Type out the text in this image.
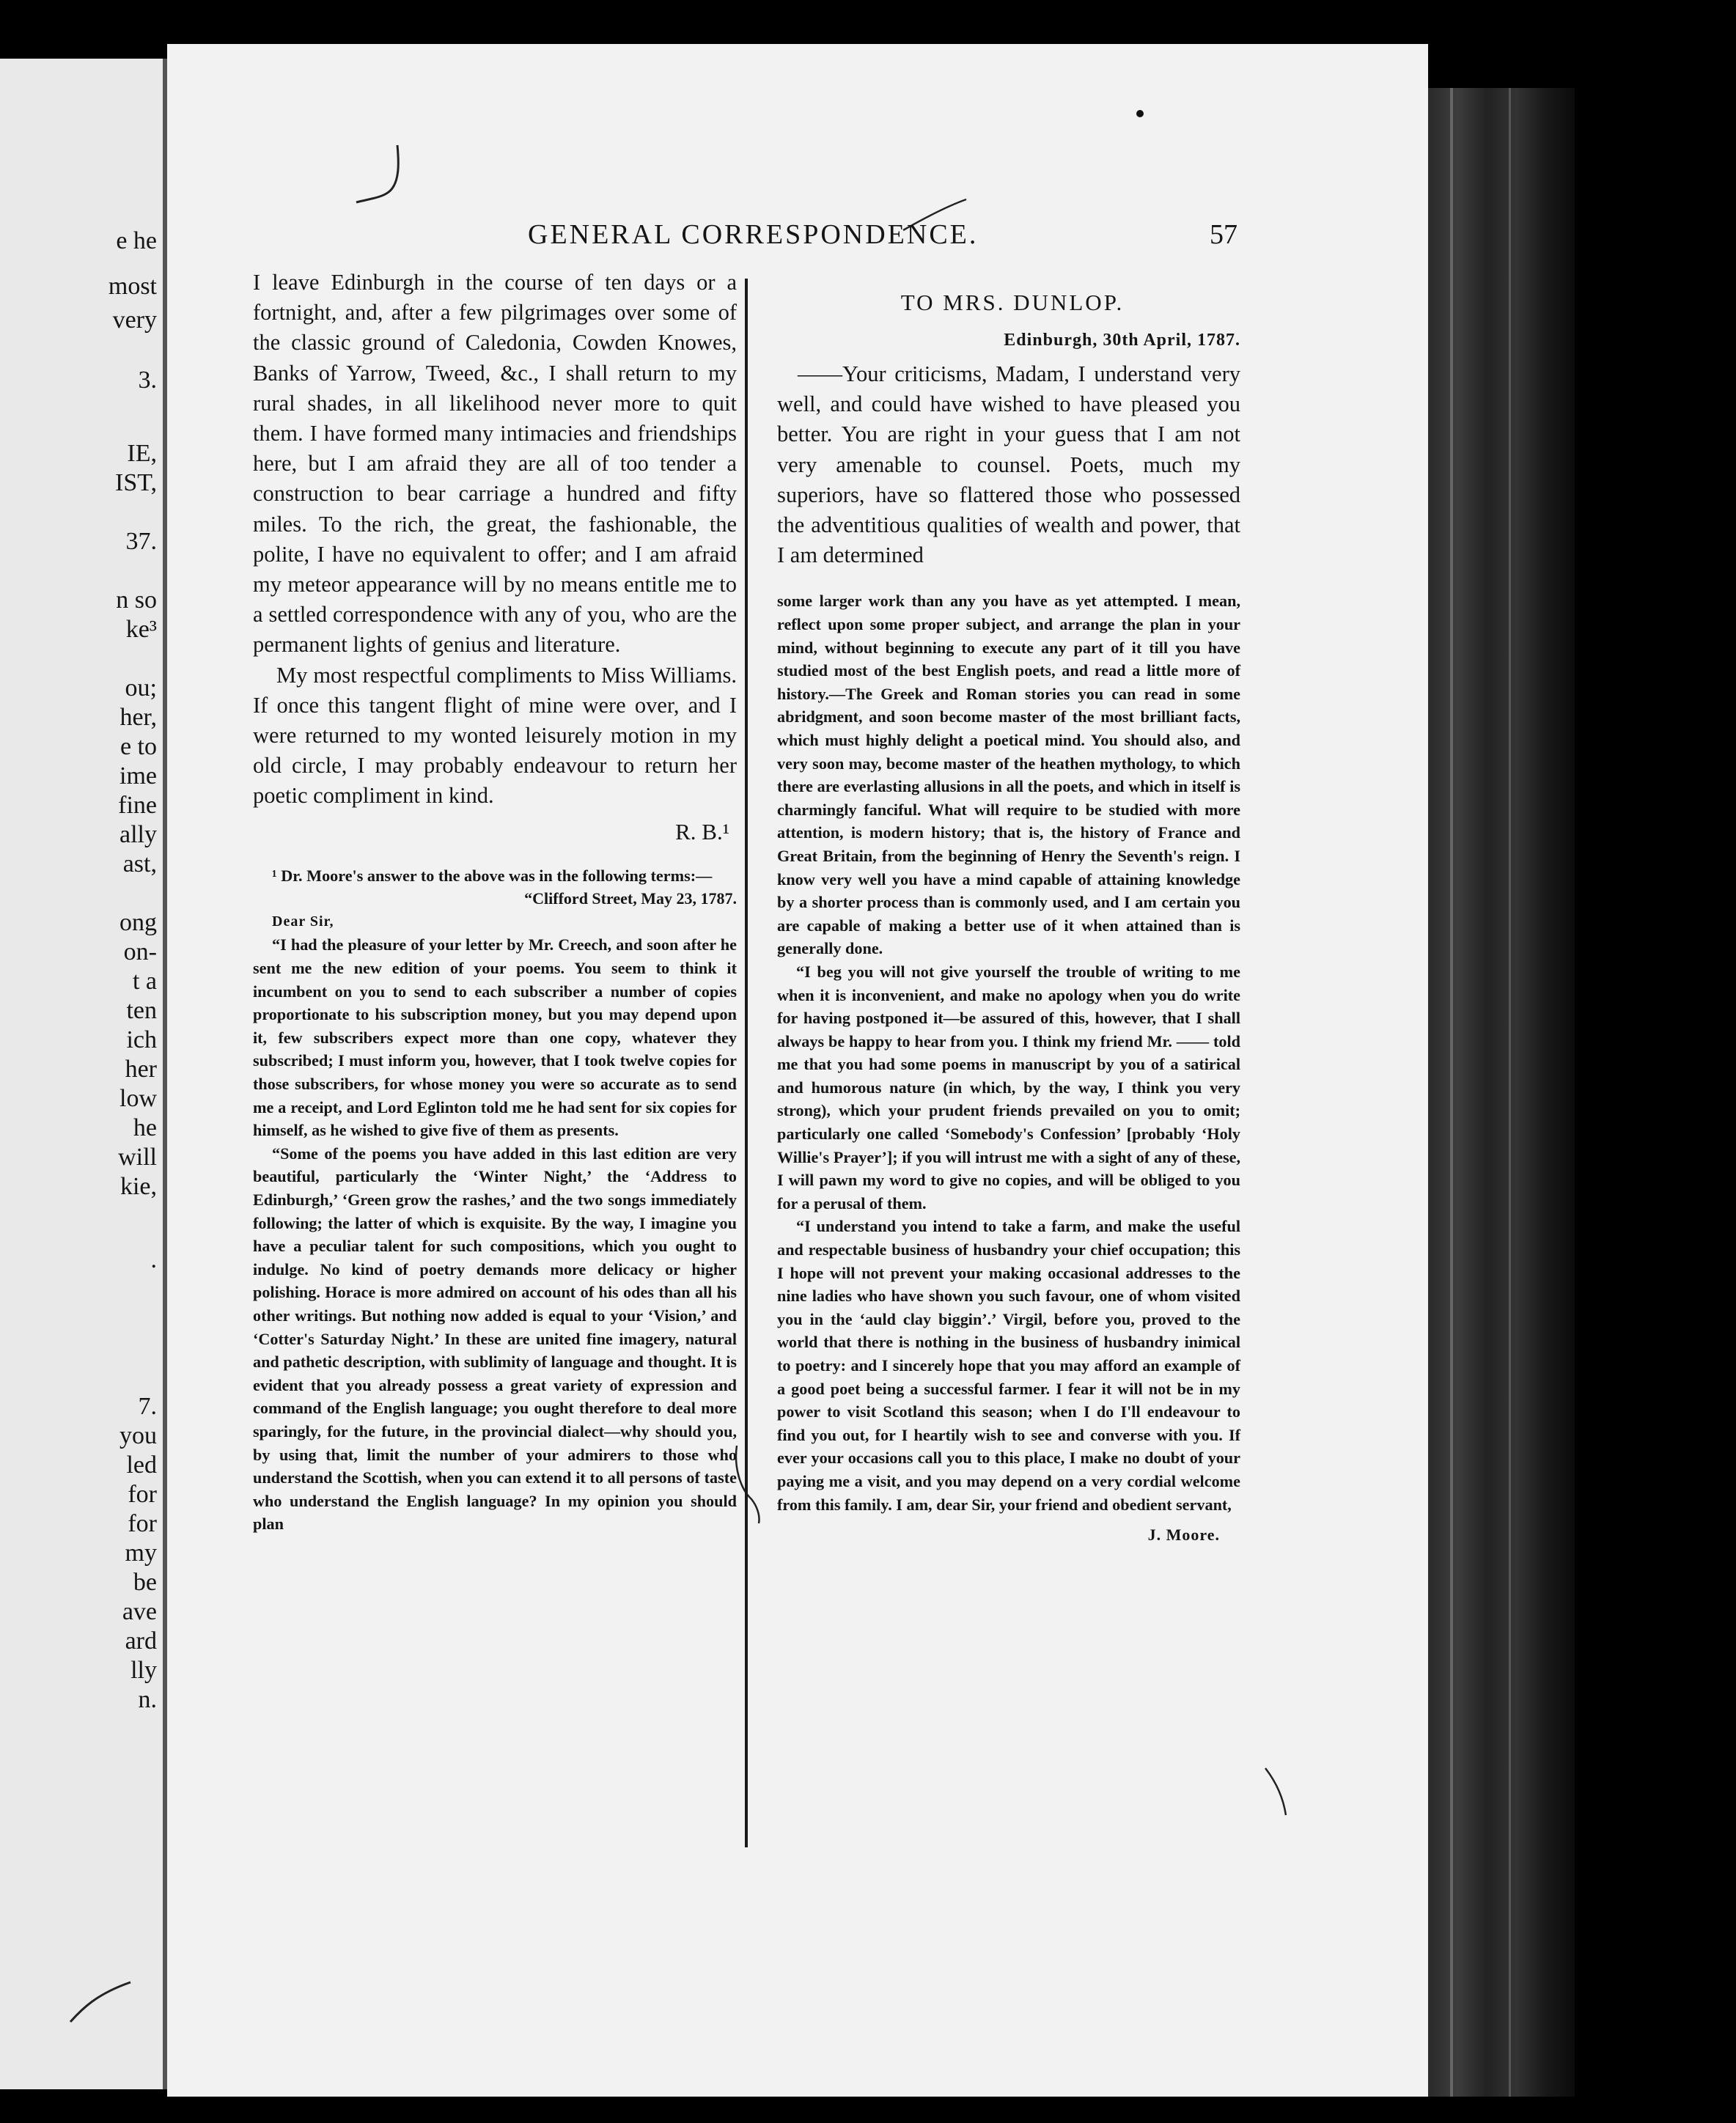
e he
most
very
3.
IE,
IST,
37.
n so
ke³
ou;
her,
e to
ime
fine
ally
ast,
ong
on-
t a
ten
ich
her
low
he
will
kie,
.
7.
you
led
for
for
my
be
ave
ard
lly
n.
GENERAL CORRESPONDENCE.	57

I leave Edinburgh in the course of ten days or a fortnight, and, after a few pilgrimages over some of the classic ground of Caledonia, Cowden Knowes, Banks of Yarrow, Tweed, &c., I shall return to my rural shades, in all likelihood never more to quit them. I have formed many intimacies and friendships here, but I am afraid they are all of too tender a construction to bear carriage a hundred and fifty miles. To the rich, the great, the fashionable, the polite, I have no equivalent to offer; and I am afraid my meteor appearance will by no means entitle me to a settled correspondence with any of you, who are the permanent lights of genius and literature.

My most respectful compliments to Miss Williams. If once this tangent flight of mine were over, and I were returned to my wonted leisurely motion in my old circle, I may probably endeavour to return her poetic compliment in kind.

R. B.¹

¹ Dr. Moore's answer to the above was in the following terms:—

“Clifford Street, May 23, 1787.

Dear Sir,

“I had the pleasure of your letter by Mr. Creech, and soon after he sent me the new edition of your poems. You seem to think it incumbent on you to send to each subscriber a number of copies proportionate to his subscription money, but you may depend upon it, few subscribers expect more than one copy, whatever they subscribed; I must inform you, however, that I took twelve copies for those subscribers, for whose money you were so accurate as to send me a receipt, and Lord Eglinton told me he had sent for six copies for himself, as he wished to give five of them as presents.

“Some of the poems you have added in this last edition are very beautiful, particularly the ‘Winter Night,’ the ‘Address to Edinburgh,’ ‘Green grow the rashes,’ and the two songs immediately following; the latter of which is exquisite. By the way, I imagine you have a peculiar talent for such compositions, which you ought to indulge. No kind of poetry demands more delicacy or higher polishing. Horace is more admired on account of his odes than all his other writings. But nothing now added is equal to your ‘Vision,’ and ‘Cotter's Saturday Night.’ In these are united fine imagery, natural and pathetic description, with sublimity of language and thought. It is evident that you already possess a great variety of expression and command of the English language; you ought therefore to deal more sparingly, for the future, in the provincial dialect—why should you, by using that, limit the number of your admirers to those who understand the Scottish, when you can extend it to all persons of taste who understand the English language? In my opinion you should plan

TO MRS. DUNLOP.
Edinburgh, 30th April, 1787.

——Your criticisms, Madam, I understand very well, and could have wished to have pleased you better. You are right in your guess that I am not very amenable to counsel. Poets, much my superiors, have so flattered those who possessed the adventitious qualities of wealth and power, that I am determined

some larger work than any you have as yet attempted. I mean, reflect upon some proper subject, and arrange the plan in your mind, without beginning to execute any part of it till you have studied most of the best English poets, and read a little more of history.—The Greek and Roman stories you can read in some abridgment, and soon become master of the most brilliant facts, which must highly delight a poetical mind. You should also, and very soon may, become master of the heathen mythology, to which there are everlasting allusions in all the poets, and which in itself is charmingly fanciful. What will require to be studied with more attention, is modern history; that is, the history of France and Great Britain, from the beginning of Henry the Seventh's reign. I know very well you have a mind capable of attaining knowledge by a shorter process than is commonly used, and I am certain you are capable of making a better use of it when attained than is generally done.

“I beg you will not give yourself the trouble of writing to me when it is inconvenient, and make no apology when you do write for having postponed it—be assured of this, however, that I shall always be happy to hear from you. I think my friend Mr. —— told me that you had some poems in manuscript by you of a satirical and humorous nature (in which, by the way, I think you very strong), which your prudent friends prevailed on you to omit; particularly one called ‘Somebody's Confession’ [probably ‘Holy Willie's Prayer’]; if you will intrust me with a sight of any of these, I will pawn my word to give no copies, and will be obliged to you for a perusal of them.

“I understand you intend to take a farm, and make the useful and respectable business of husbandry your chief occupation; this I hope will not prevent your making occasional addresses to the nine ladies who have shown you such favour, one of whom visited you in the ‘auld clay biggin’.’ Virgil, before you, proved to the world that there is nothing in the business of husbandry inimical to poetry: and I sincerely hope that you may afford an example of a good poet being a successful farmer. I fear it will not be in my power to visit Scotland this season; when I do I'll endeavour to find you out, for I heartily wish to see and converse with you. If ever your occasions call you to this place, I make no doubt of your paying me a visit, and you may depend on a very cordial welcome from this family. I am, dear Sir, your friend and obedient servant,

J. Moore.
